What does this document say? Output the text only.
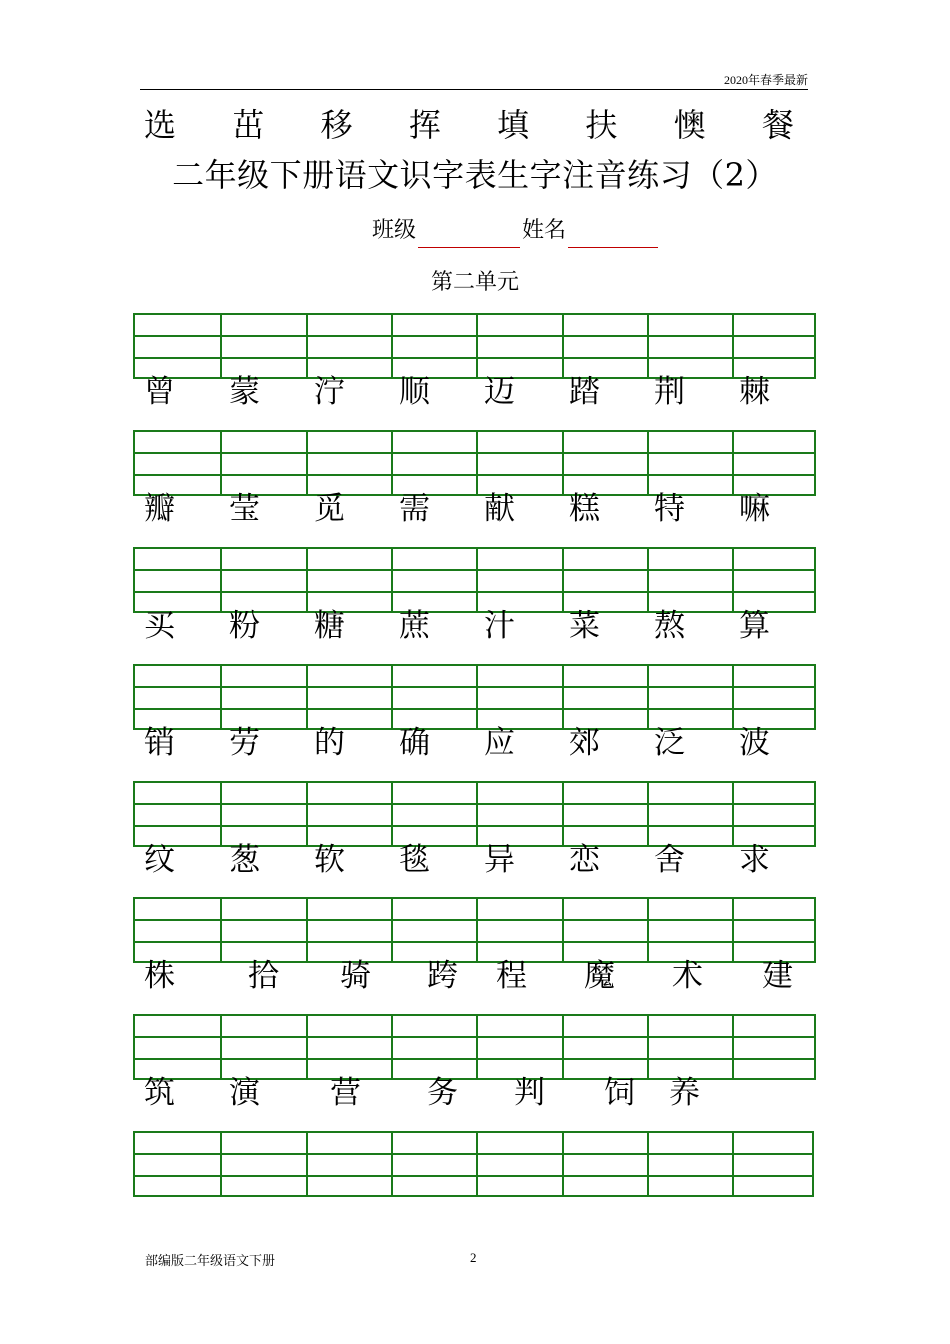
2020年春季最新
选 茁 移 挥 填 扶 懊 餐
二年级下册语文识字表生字注音练习（2）
班级	姓名
第二单元
曾 蒙 泞 顺 迈 踏 荆 棘
瓣 莹 觅 需 献 糕 特 嘛
买 粉 糖 蔗 汁 菜 熬 算
销 劳 的 确 应 郊 泛 波
纹 葱 软 毯 异 恋 舍 求
株 拾 骑 跨 程 魔 术 建
筑 演 营 务 判 饲 养
部编版二年级语文下册	2
